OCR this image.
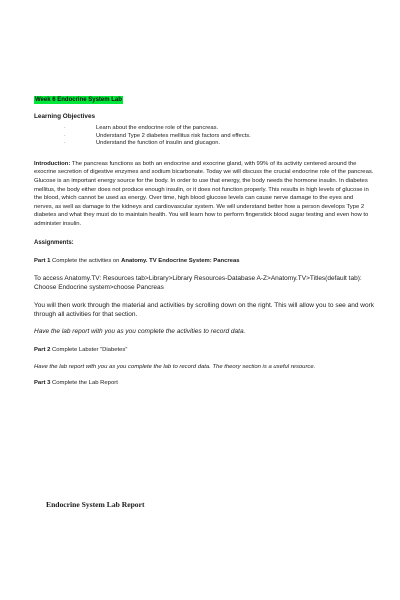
Week 6 Endocrine System Lab
Learning Objectives
·	Learn about the endocrine role of the pancreas.
·	Understand Type 2 diabetes mellitus risk factors and effects.
·	Understand the function of insulin and glucagon.

Introduction: The pancreas functions as both an endocrine and exocrine gland, with 99% of its activity centered around the exocrine secretion of digestive enzymes and sodium bicarbonate. Today we will discuss the crucial endocrine role of the pancreas. Glucose is an important energy source for the body. In order to use that energy, the body needs the hormone insulin. In diabetes mellitus, the body either does not produce enough insulin, or it does not function properly. This results in high levels of glucose in the blood, which cannot be used as energy. Over time, high blood glucose levels can cause nerve damage to the eyes and nerves, as well as damage to the kidneys and cardiovascular system. We will understand better how a person develops Type 2 diabetes and what they must do to maintain health. You will learn how to perform fingerstick blood sugar testing and even how to administer insulin.

Assignments:

Part 1 Complete the activities on Anatomy. TV Endocrine System: Pancreas

To access Anatomy.TV: Resources tab>Library>Library Resources-Database A-Z>Anatomy.TV>Titles(default tab): Choose Endocrine system>choose Pancreas

You will then work through the material and activities by scrolling down on the right. This will allow you to see and work through all activities for that section.

Have the lab report with you as you complete the activities to record data.

Part 2 Complete Labster “Diabetes”

Have the lab report with you as you complete the lab to record data. The theory section is a useful resource.

Part 3 Complete the Lab Report

Endocrine System Lab Report
